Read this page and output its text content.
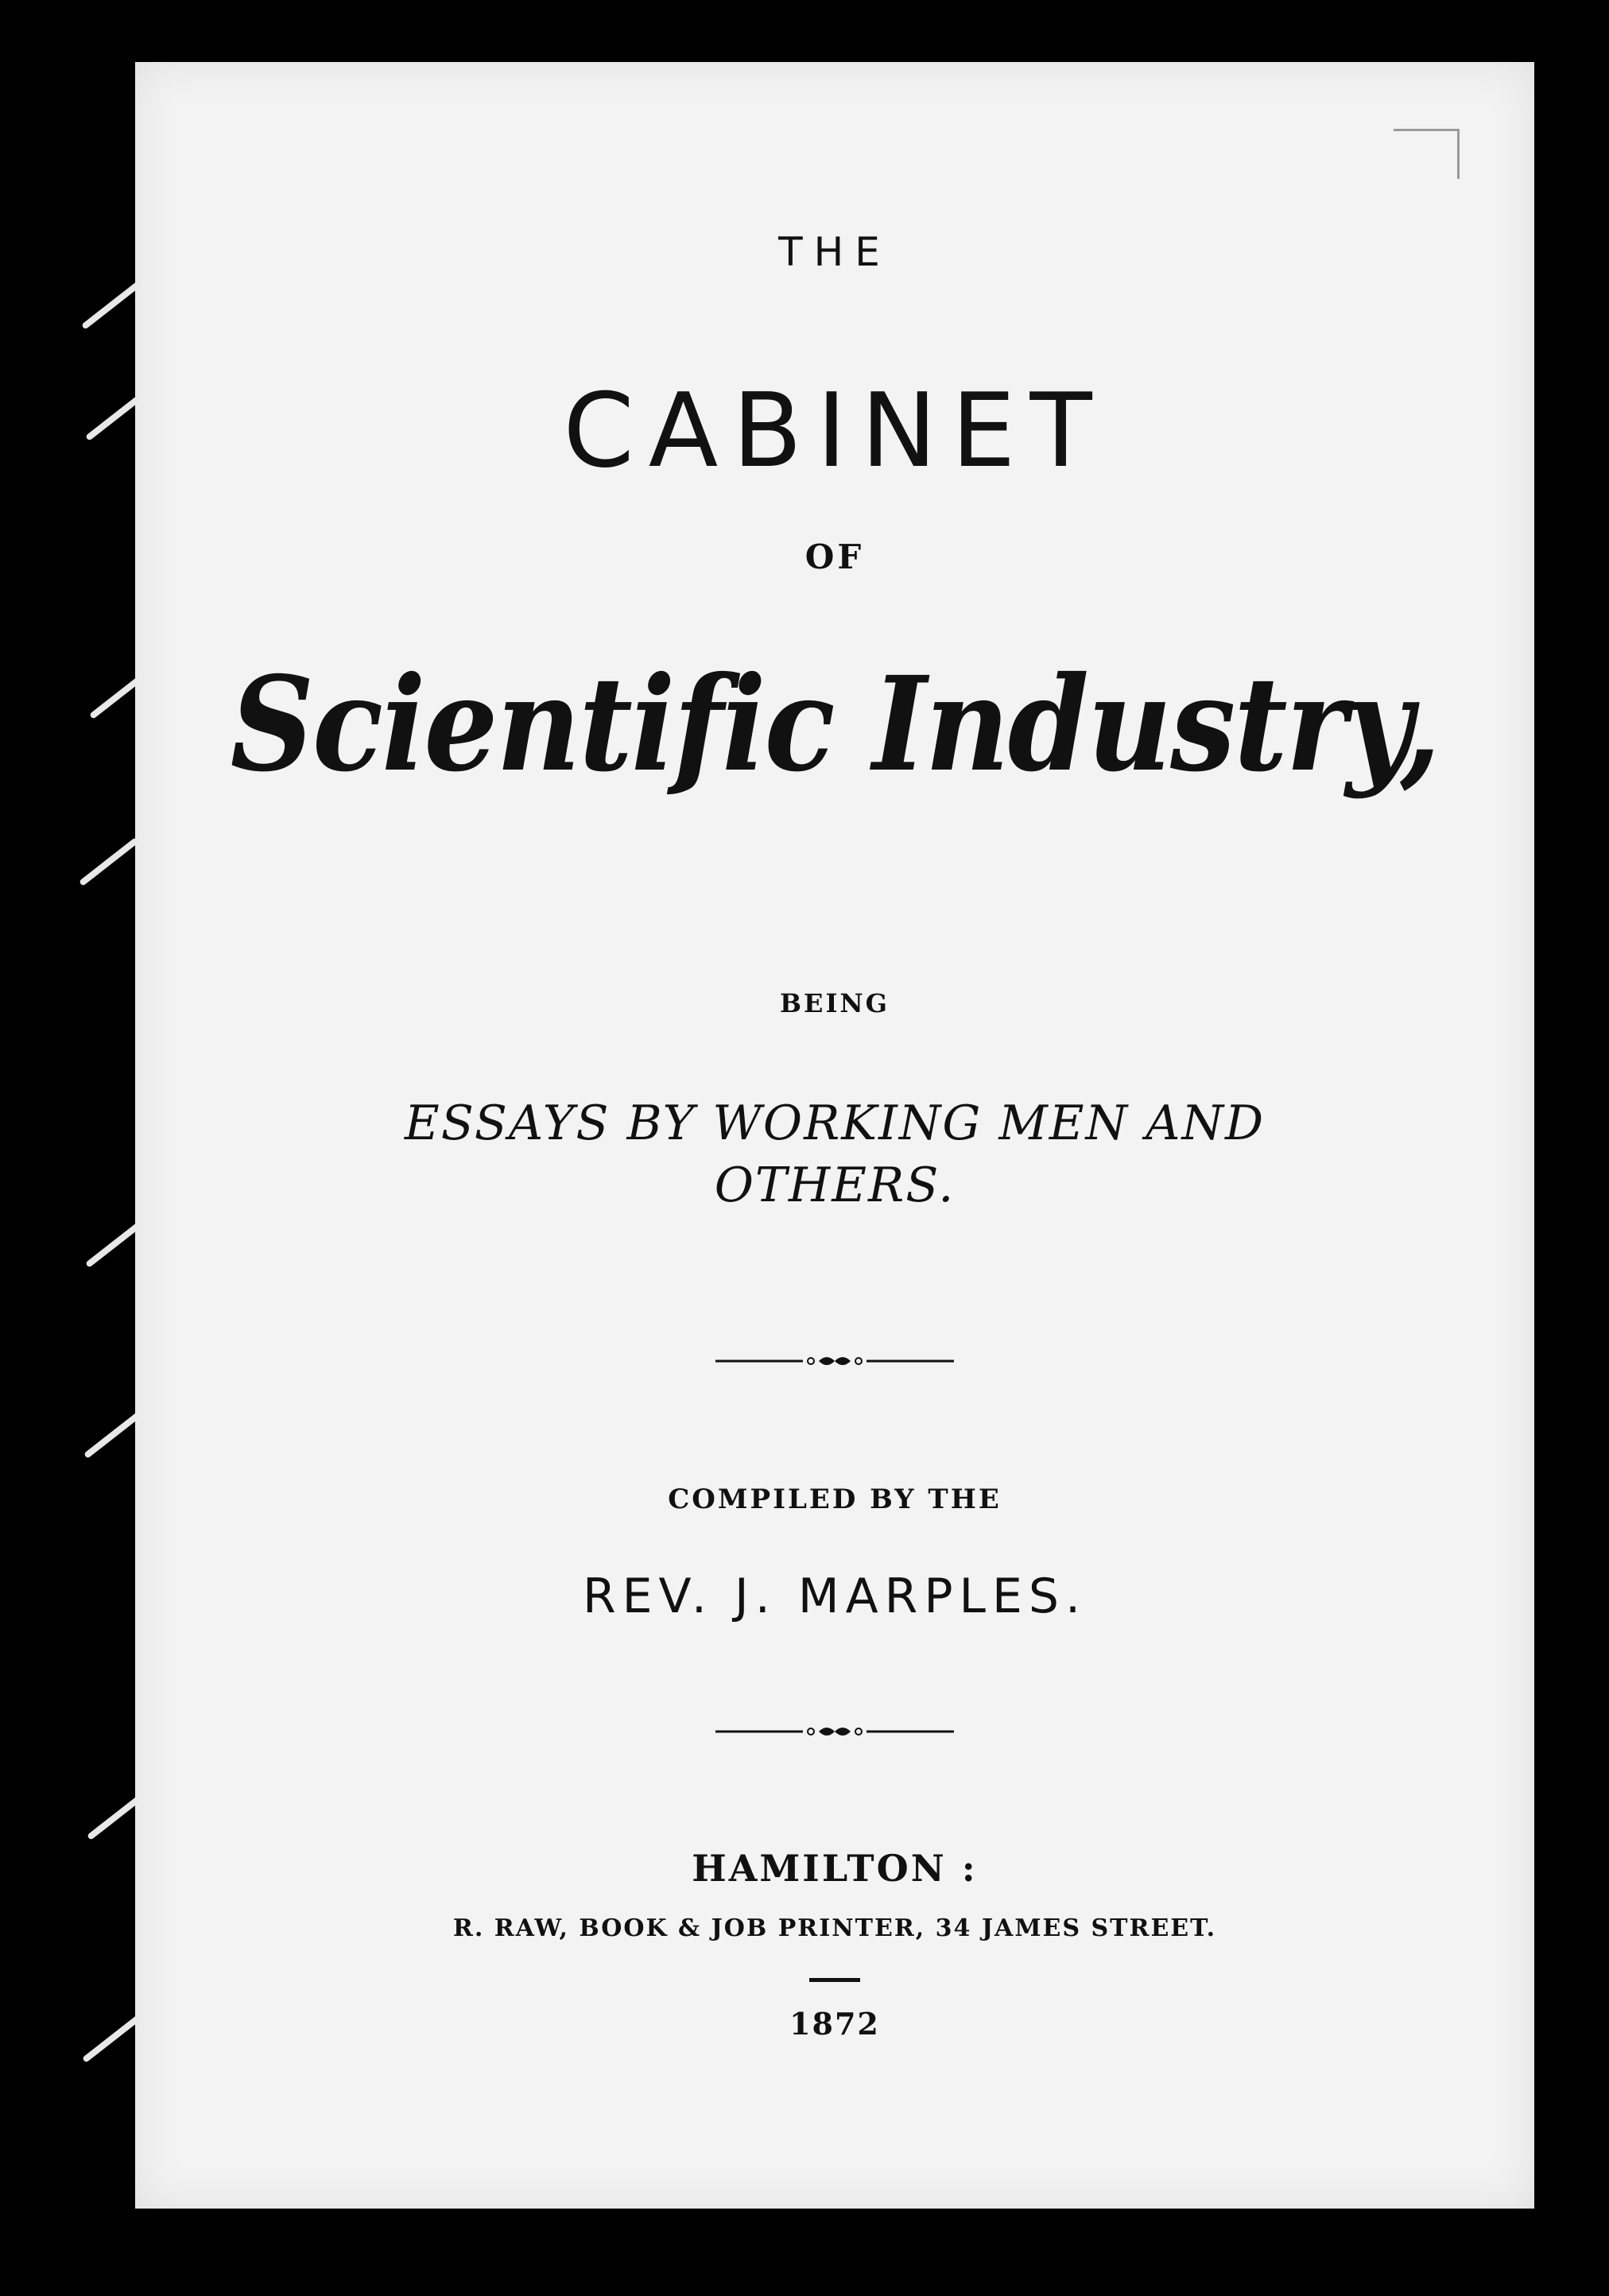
THE
CABINET
OF
Scientific Industry,
BEING
ESSAYS BY WORKING MEN AND
OTHERS.
COMPILED BY THE
REV. J. MARPLES.
HAMILTON :
R. RAW, BOOK & JOB PRINTER, 34 JAMES STREET.
1872
